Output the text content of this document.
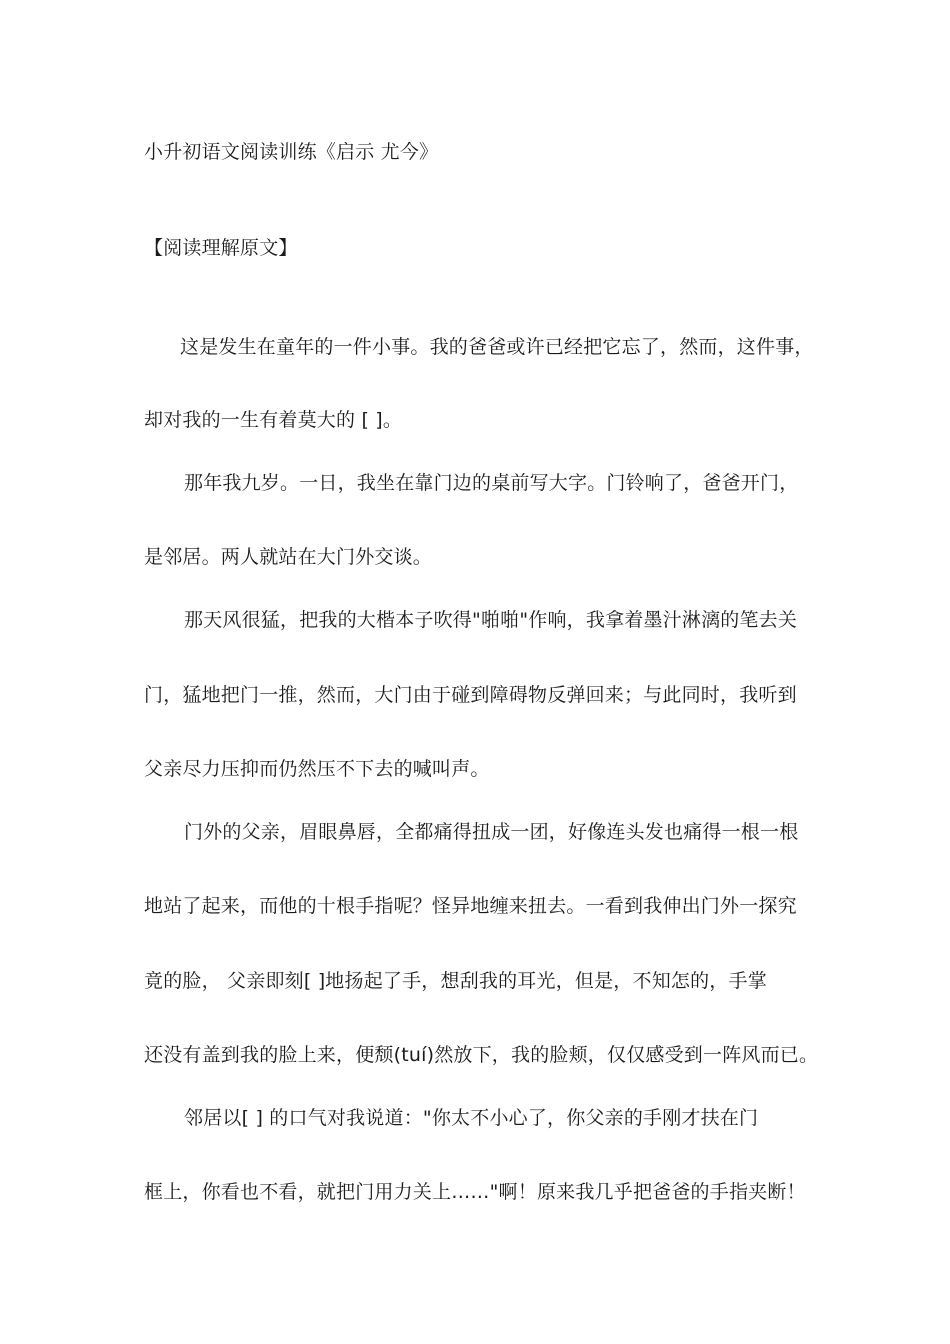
小升初语文阅读训练《启示 尤今》
【阅读理解原文】
这是发生在童年的一件小事。我的爸爸或许已经把它忘了，然而，这件事，
却对我的一生有着莫大的 [ ]。
那年我九岁。一日，我坐在靠门边的桌前写大字。门铃响了，爸爸开门，
是邻居。两人就站在大门外交谈。
那天风很猛，把我的大楷本子吹得"啪啪"作响，我拿着墨汁淋漓的笔去关
门，猛地把门一推，然而，大门由于碰到障碍物反弹回来；与此同时，我听到
父亲尽力压抑而仍然压不下去的喊叫声。
门外的父亲，眉眼鼻唇，全都痛得扭成一团，好像连头发也痛得一根一根
地站了起来，而他的十根手指呢？怪异地缠来扭去。一看到我伸出门外一探究
竟的脸， 父亲即刻[ ]地扬起了手，想刮我的耳光，但是，不知怎的，手掌
还没有盖到我的脸上来，便颓(tuí)然放下，我的脸颊，仅仅感受到一阵风而已。
邻居以[ ] 的口气对我说道："你太不小心了，你父亲的手刚才扶在门
框上，你看也不看，就把门用力关上……"啊！原来我几乎把爸爸的手指夹断！
